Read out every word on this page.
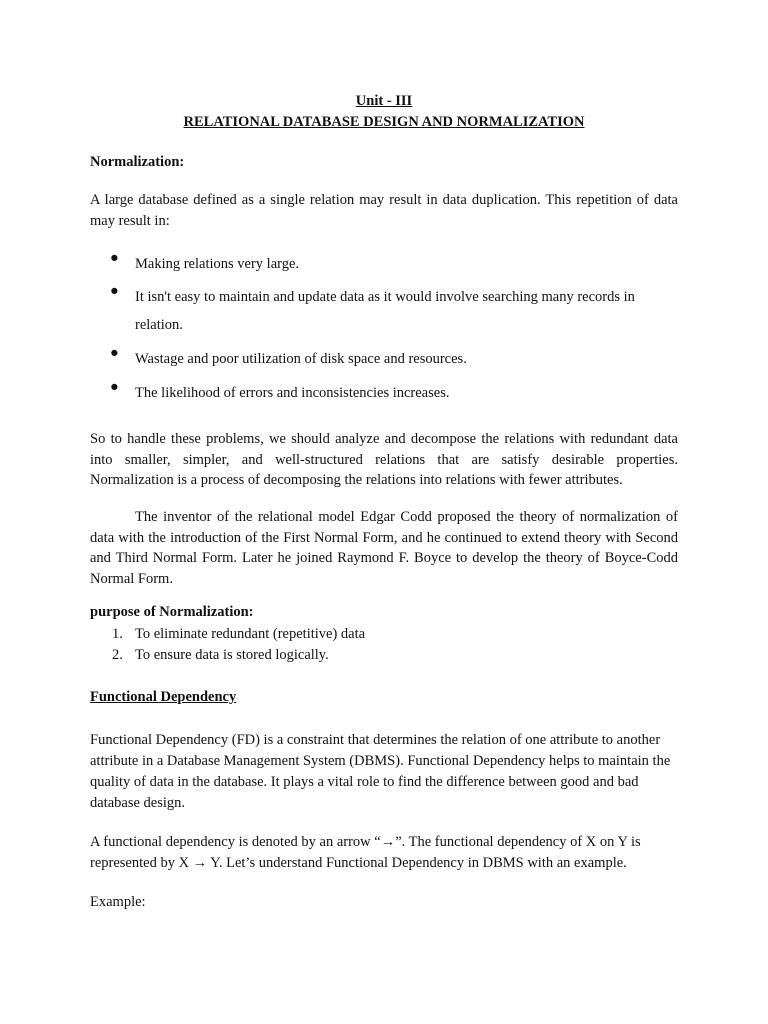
Unit - III
RELATIONAL DATABASE DESIGN AND NORMALIZATION
Normalization:
A large database defined as a single relation may result in data duplication. This repetition of data may result in:
●	Making relations very large.
●	It isn't easy to maintain and update data as it would involve searching many records in relation.
●	Wastage and poor utilization of disk space and resources.
●	The likelihood of errors and inconsistencies increases.
So to handle these problems, we should analyze and decompose the relations with redundant data into smaller, simpler, and well-structured relations that are satisfy desirable properties. Normalization is a process of decomposing the relations into relations with fewer attributes.
The inventor of the relational model Edgar Codd proposed the theory of normalization of data with the introduction of the First Normal Form, and he continued to extend theory with Second and Third Normal Form. Later he joined Raymond F. Boyce to develop the theory of Boyce-Codd Normal Form.
purpose of Normalization:
1. To eliminate redundant (repetitive) data
2. To ensure data is stored logically.
Functional Dependency
Functional Dependency (FD) is a constraint that determines the relation of one attribute to another attribute in a Database Management System (DBMS). Functional Dependency helps to maintain the quality of data in the database. It plays a vital role to find the difference between good and bad database design.
A functional dependency is denoted by an arrow “→”. The functional dependency of X on Y is represented by X → Y. Let’s understand Functional Dependency in DBMS with an example.
Example:
